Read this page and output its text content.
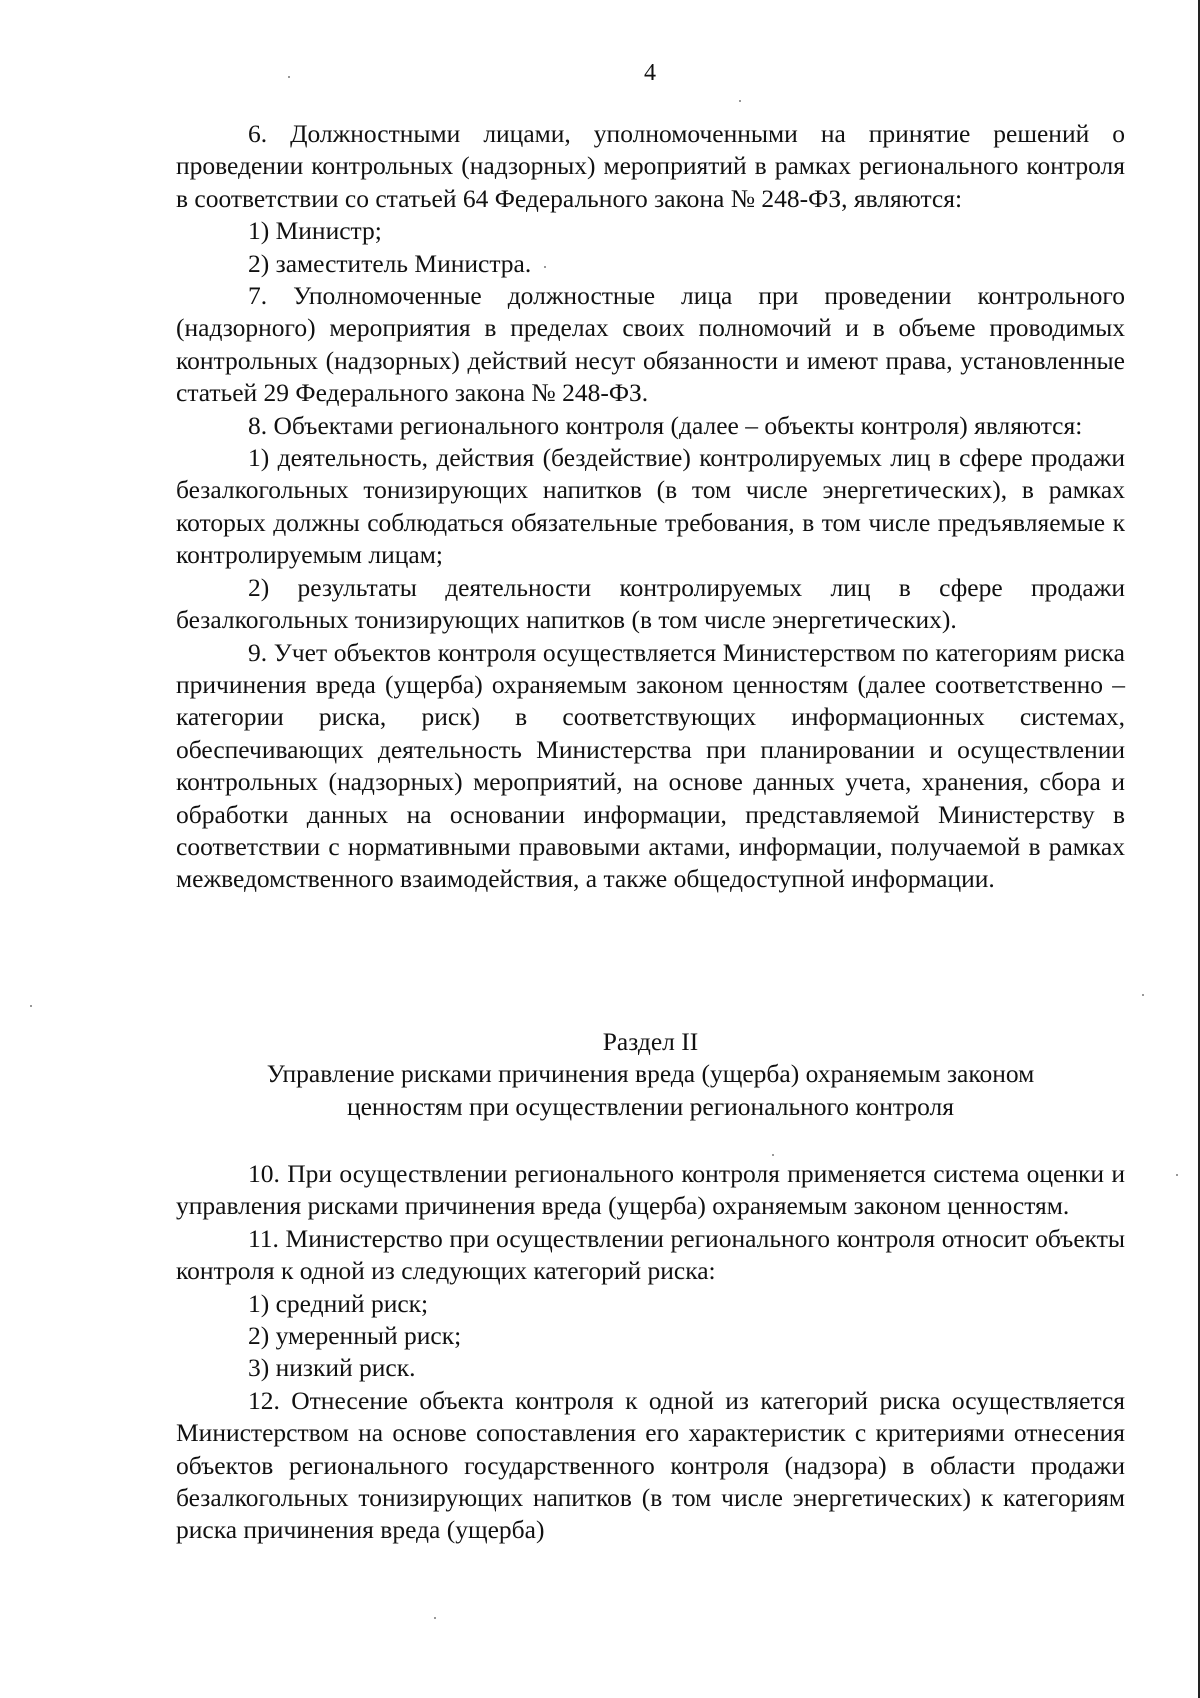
4

6. Должностными лицами, уполномоченными на принятие решений о проведении контрольных (надзорных) мероприятий в рамках регионального контроля в соответствии со статьей 64 Федерального закона № 248-ФЗ, являются:

1) Министр;

2) заместитель Министра.

7. Уполномоченные должностные лица при проведении контрольного (надзорного) мероприятия в пределах своих полномочий и в объеме проводимых контрольных (надзорных) действий несут обязанности и имеют права, установленные статьей 29 Федерального закона № 248-ФЗ.

8. Объектами регионального контроля (далее – объекты контроля) являются:

1) деятельность, действия (бездействие) контролируемых лиц в сфере продажи безалкогольных тонизирующих напитков (в том числе энергетических), в рамках которых должны соблюдаться обязательные требования, в том числе предъявляемые к контролируемым лицам;

2) результаты деятельности контролируемых лиц в сфере продажи безалкогольных тонизирующих напитков (в том числе энергетических).

9. Учет объектов контроля осуществляется Министерством по категориям риска причинения вреда (ущерба) охраняемым законом ценностям (далее соответственно – категории риска, риск) в соответствующих информационных системах, обеспечивающих деятельность Министерства при планировании и осуществлении контрольных (надзорных) мероприятий, на основе данных учета, хранения, сбора и обработки данных на основании информации, представляемой Министерству в соответствии с нормативными правовыми актами, информации, получаемой в рамках межведомственного взаимодействия, а также общедоступной информации.

Раздел II
Управление рисками причинения вреда (ущерба) охраняемым законом
ценностям при осуществлении регионального контроля

10. При осуществлении регионального контроля применяется система оценки и управления рисками причинения вреда (ущерба) охраняемым законом ценностям.

11. Министерство при осуществлении регионального контроля относит объекты контроля к одной из следующих категорий риска:

1) средний риск;

2) умеренный риск;

3) низкий риск.

12. Отнесение объекта контроля к одной из категорий риска осуществляется Министерством на основе сопоставления его характеристик с критериями отнесения объектов регионального государственного контроля (надзора) в области продажи безалкогольных тонизирующих напитков (в том числе энергетических) к категориям риска причинения вреда (ущерба)
